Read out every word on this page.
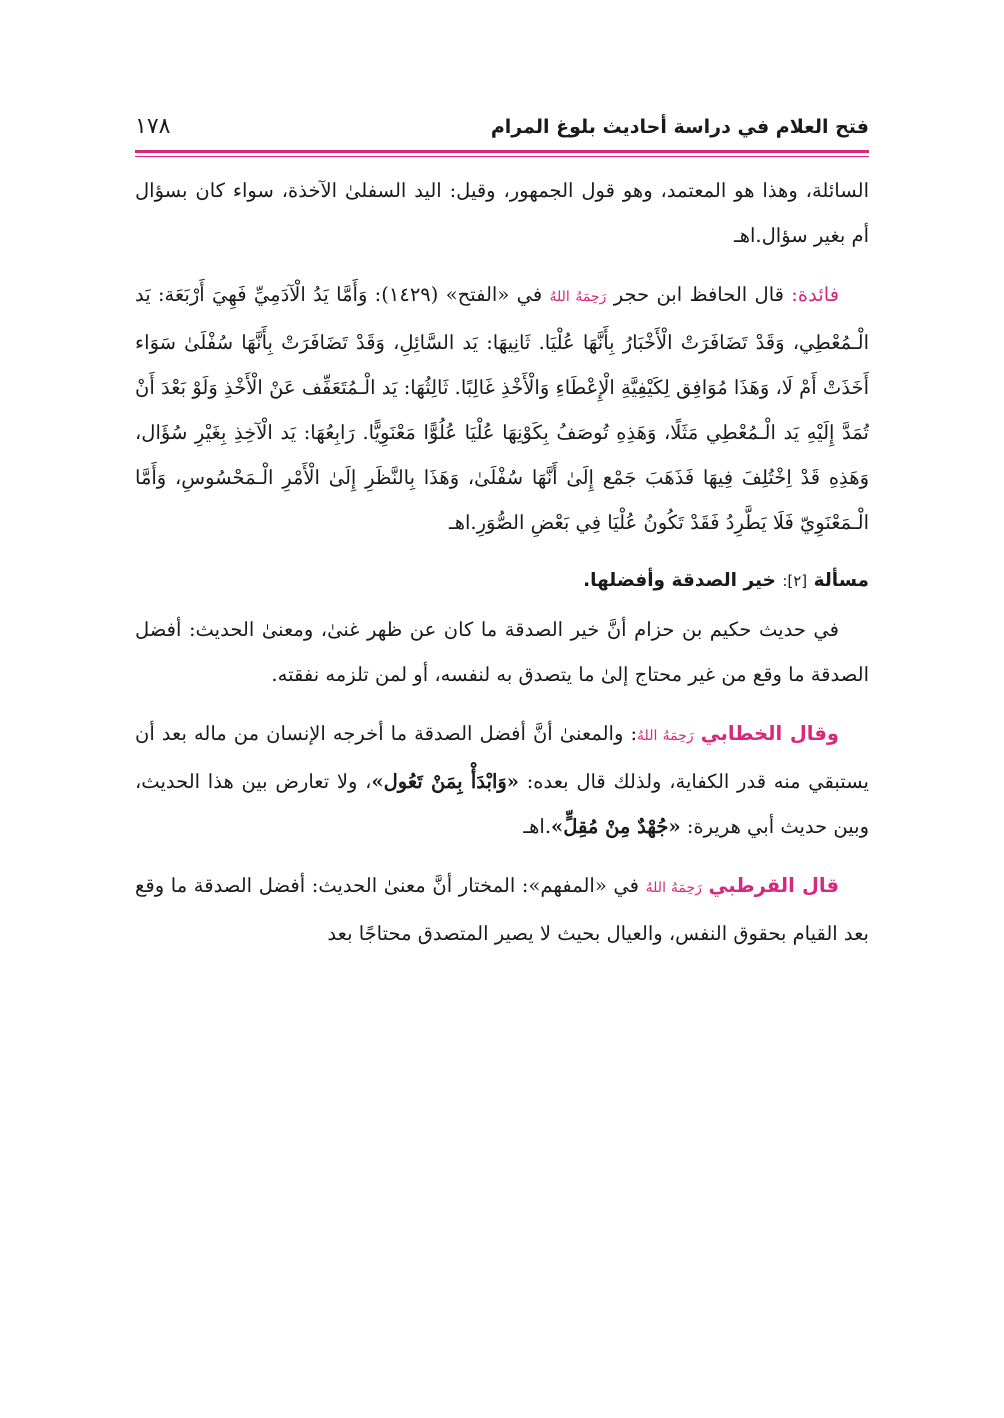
فتح العلام في دراسة أحاديث بلوغ المرام
١٧٨

السائلة، وهذا هو المعتمد، وهو قول الجمهور، وقيل: اليد السفلىٰ الآخذة، سواء كان بسؤال أم بغير سؤال.اهـ

فائدة: قال الحافظ ابن حجر رَحِمَهُ اللهُ في «الفتح» (١٤٢٩): وَأَمَّا يَدُ الْآدَمِيِّ فَهِيَ أَرْبَعَة: يَد الْـمُعْطِي، وَقَدْ تَضَافَرَتْ الْأَخْبَارُ بِأَنَّهَا عُلْيَا. ثَانِيهَا: يَد السَّائِلِ، وَقَدْ تَضَافَرَتْ بِأَنَّهَا سُفْلَىٰ سَوَاء أَخَذَتْ أَمْ لَا، وَهَذَا مُوَافِق لِكَيْفِيَّةِ الْإِعْطَاءِ وَالْأَخْذِ غَالِبًا. ثَالِثُهَا: يَد الْـمُتَعَفِّف عَنْ الْأَخْذِ وَلَوْ بَعْدَ أَنْ تُمَدَّ إِلَيْهِ يَد الْـمُعْطِي مَثَلًا، وَهَذِهِ تُوصَفُ بِكَوْنِهَا عُلْيَا عُلُوًّا مَعْنَوِيًّا. رَابِعُهَا: يَد الْآخِذِ بِغَيْرِ سُؤَال، وَهَذِهِ قَدْ اِخْتُلِفَ فِيهَا فَذَهَبَ جَمْع إِلَىٰ أَنَّهَا سُفْلَىٰ، وَهَذَا بِالنَّظَرِ إِلَىٰ الْأَمْرِ الْـمَحْسُوسِ، وَأَمَّا الْـمَعْنَوِيّ فَلَا يَطَّرِدُ فَقَدْ تَكُونُ عُلْيَا فِي بَعْضِ الصُّوَرِ.اهـ

مسألة [٢]: خير الصدقة وأفضلها.

في حديث حكيم بن حزام أنَّ خير الصدقة ما كان عن ظهر غنىٰ، ومعنىٰ الحديث: أفضل الصدقة ما وقع من غير محتاج إلىٰ ما يتصدق به لنفسه، أو لمن تلزمه نفقته.

وقال الخطابي رَحِمَهُ اللهُ: والمعنىٰ أنَّ أفضل الصدقة ما أخرجه الإنسان من ماله بعد أن يستبقي منه قدر الكفاية، ولذلك قال بعده: «وَابْدَأْ بِمَنْ تَعُول»، ولا تعارض بين هذا الحديث، وبين حديث أبي هريرة: «جُهْدٌ مِنْ مُقِلٍّ».اهـ

قال القرطبي رَحِمَهُ اللهُ في «المفهم»: المختار أنَّ معنىٰ الحديث: أفضل الصدقة ما وقع بعد القيام بحقوق النفس، والعيال بحيث لا يصير المتصدق محتاجًا بعد
